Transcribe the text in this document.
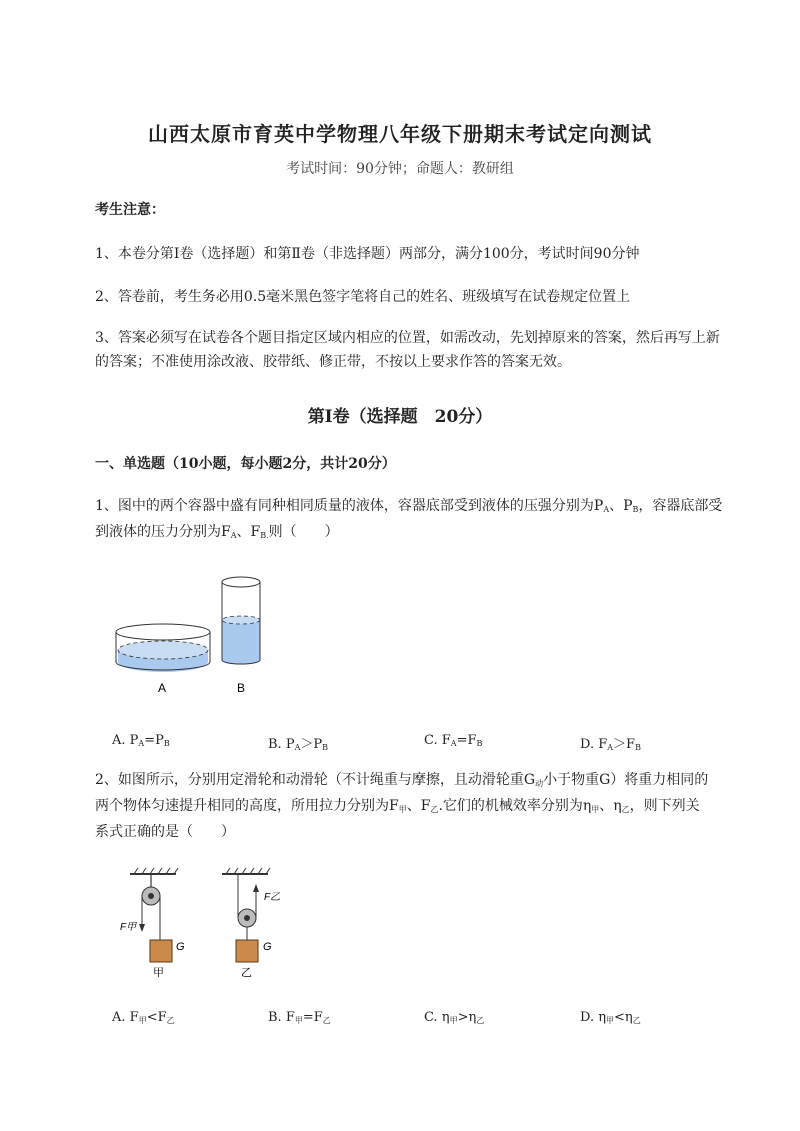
山西太原市育英中学物理八年级下册期末考试定向测试
考试时间：90分钟；命题人：教研组
考生注意：
1、本卷分第I卷（选择题）和第Ⅱ卷（非选择题）两部分，满分100分，考试时间90分钟
2、答卷前，考生务必用0.5毫米黑色签字笔将自己的姓名、班级填写在试卷规定位置上
3、答案必须写在试卷各个题目指定区域内相应的位置，如需改动，先划掉原来的答案，然后再写上新
的答案；不准使用涂改液、胶带纸、修正带，不按以上要求作答的答案无效。
第I卷（选择题　20分）
一、单选题（10小题，每小题2分，共计20分）
1、图中的两个容器中盛有同种相同质量的液体，容器底部受到液体的压强分别为$P_A$、$P_B$，容器底部受
到液体的压力分别为$F_A$、$F_{B.}$则（　　）
A	B
A. $P_A=P_B$	B. $P_A>P_B$	C. $F_A=F_B$	D. $F_A>F_B$
2、如图所示，分别用定滑轮和动滑轮（不计绳重与摩擦，且动滑轮重$G_动$小于物重G）将重力相同的
两个物体匀速提升相同的高度，所用拉力分别为$F_甲$、$F_乙$.它们的机械效率分别为$\eta_甲$、$\eta_乙$，则下列关
系式正确的是（　　）
F甲
G
甲
F乙
G
乙
A. $F_甲<F_乙$	B. $F_甲=F_乙$	C. $\eta_甲>\eta_乙$	D. $\eta_甲<\eta_乙$
